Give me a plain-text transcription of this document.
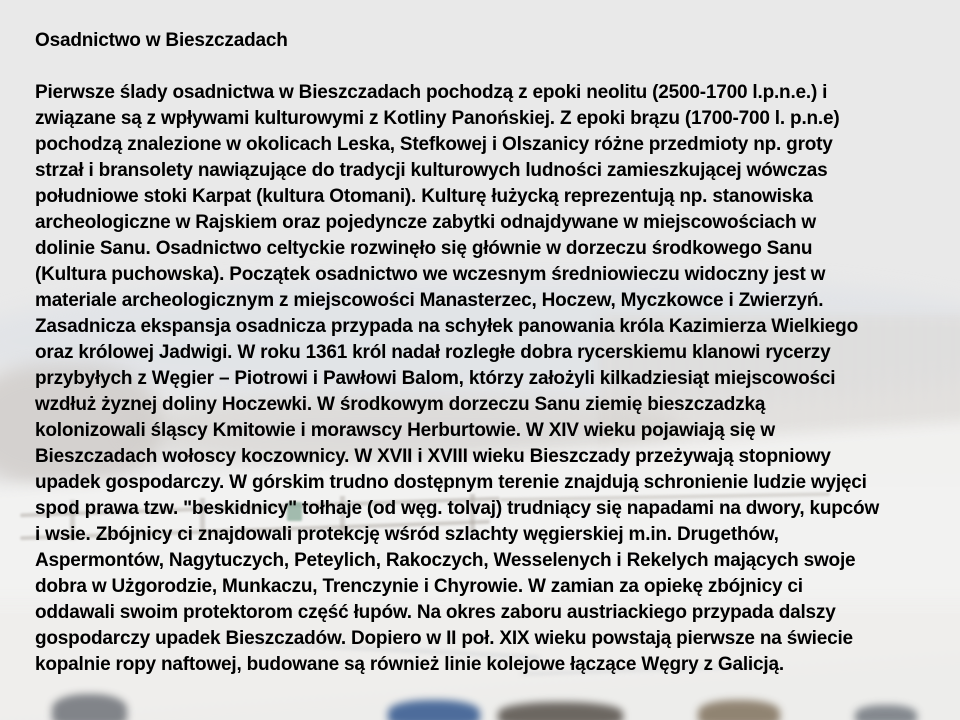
Osadnictwo w Bieszczadach
Pierwsze ślady osadnictwa w Bieszczadach pochodzą z epoki neolitu (2500-1700 l.p.n.e.) i
związane są z wpływami kulturowymi z Kotliny Panońskiej. Z epoki brązu (1700-700 l. p.n.e)
pochodzą znalezione w okolicach Leska, Stefkowej i Olszanicy różne przedmioty np. groty
strzał i bransolety nawiązujące do tradycji kulturowych ludności zamieszkującej wówczas
południowe stoki Karpat (kultura Otomani). Kulturę łużycką reprezentują np. stanowiska
archeologiczne w Rajskiem oraz pojedyncze zabytki odnajdywane w miejscowościach w
dolinie Sanu. Osadnictwo celtyckie rozwinęło się głównie w dorzeczu środkowego Sanu
(Kultura puchowska). Początek osadnictwo we wczesnym średniowieczu widoczny jest w
materiale archeologicznym z miejscowości Manasterzec, Hoczew, Myczkowce i Zwierzyń.
Zasadnicza ekspansja osadnicza przypada na schyłek panowania króla Kazimierza Wielkiego
oraz królowej Jadwigi. W roku 1361 król nadał rozległe dobra rycerskiemu klanowi rycerzy
przybyłych z Węgier – Piotrowi i Pawłowi Balom, którzy założyli kilkadziesiąt miejscowości
wzdłuż żyznej doliny Hoczewki. W środkowym dorzeczu Sanu ziemię bieszczadzką
kolonizowali śląscy Kmitowie i morawscy Herburtowie. W XIV wieku pojawiają się w
Bieszczadach wołoscy koczownicy. W XVII i XVIII wieku Bieszczady przeżywają stopniowy
upadek gospodarczy. W górskim trudno dostępnym terenie znajdują schronienie ludzie wyjęci
spod prawa tzw. "beskidnicy" tołhaje (od węg. tolvaj) trudniący się napadami na dwory, kupców
i wsie. Zbójnicy ci znajdowali protekcję wśród szlachty węgierskiej m.in. Drugethów,
Aspermontów, Nagytuczych, Peteylich, Rakoczych, Wesselenych i Rekelych mających swoje
dobra w Użgorodzie, Munkaczu, Trenczynie i Chyrowie. W zamian za opiekę zbójnicy ci
oddawali swoim protektorom część łupów. Na okres zaboru austriackiego przypada dalszy
gospodarczy upadek Bieszczadów. Dopiero w II poł. XIX wieku powstają pierwsze na świecie
kopalnie ropy naftowej, budowane są również linie kolejowe łączące Węgry z Galicją.
